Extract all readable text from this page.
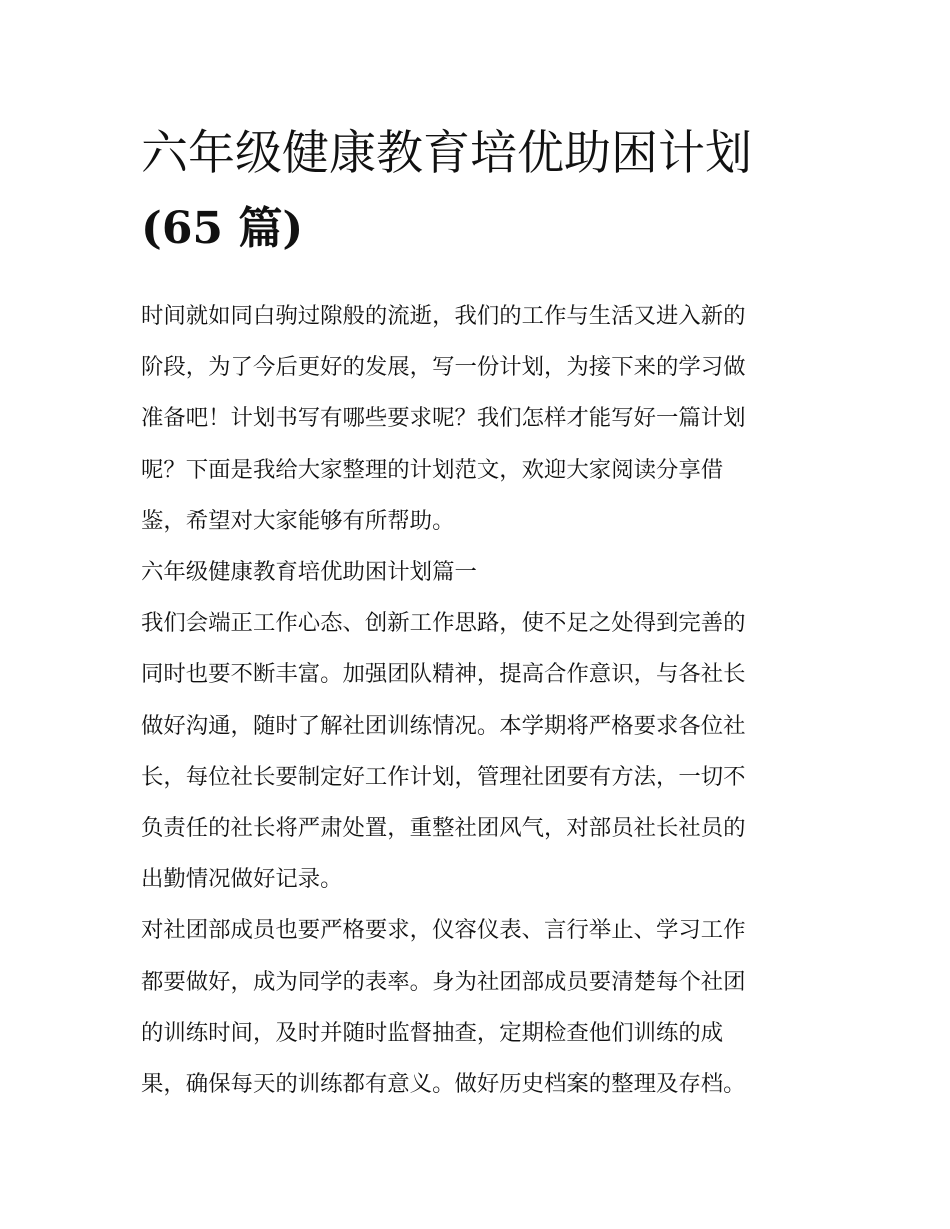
六年级健康教育培优助困计划
(65 篇)

时间就如同白驹过隙般的流逝，我们的工作与生活又进入新的
阶段，为了今后更好的发展，写一份计划，为接下来的学习做
准备吧！计划书写有哪些要求呢？我们怎样才能写好一篇计划
呢？下面是我给大家整理的计划范文，欢迎大家阅读分享借
鉴，希望对大家能够有所帮助。

六年级健康教育培优助困计划篇一

我们会端正工作心态、创新工作思路，使不足之处得到完善的
同时也要不断丰富。加强团队精神，提高合作意识，与各社长
做好沟通，随时了解社团训练情况。本学期将严格要求各位社
长，每位社长要制定好工作计划，管理社团要有方法，一切不
负责任的社长将严肃处置，重整社团风气，对部员社长社员的
出勤情况做好记录。

对社团部成员也要严格要求，仪容仪表、言行举止、学习工作
都要做好，成为同学的表率。身为社团部成员要清楚每个社团
的训练时间，及时并随时监督抽查，定期检查他们训练的成
果，确保每天的训练都有意义。做好历史档案的整理及存档。
